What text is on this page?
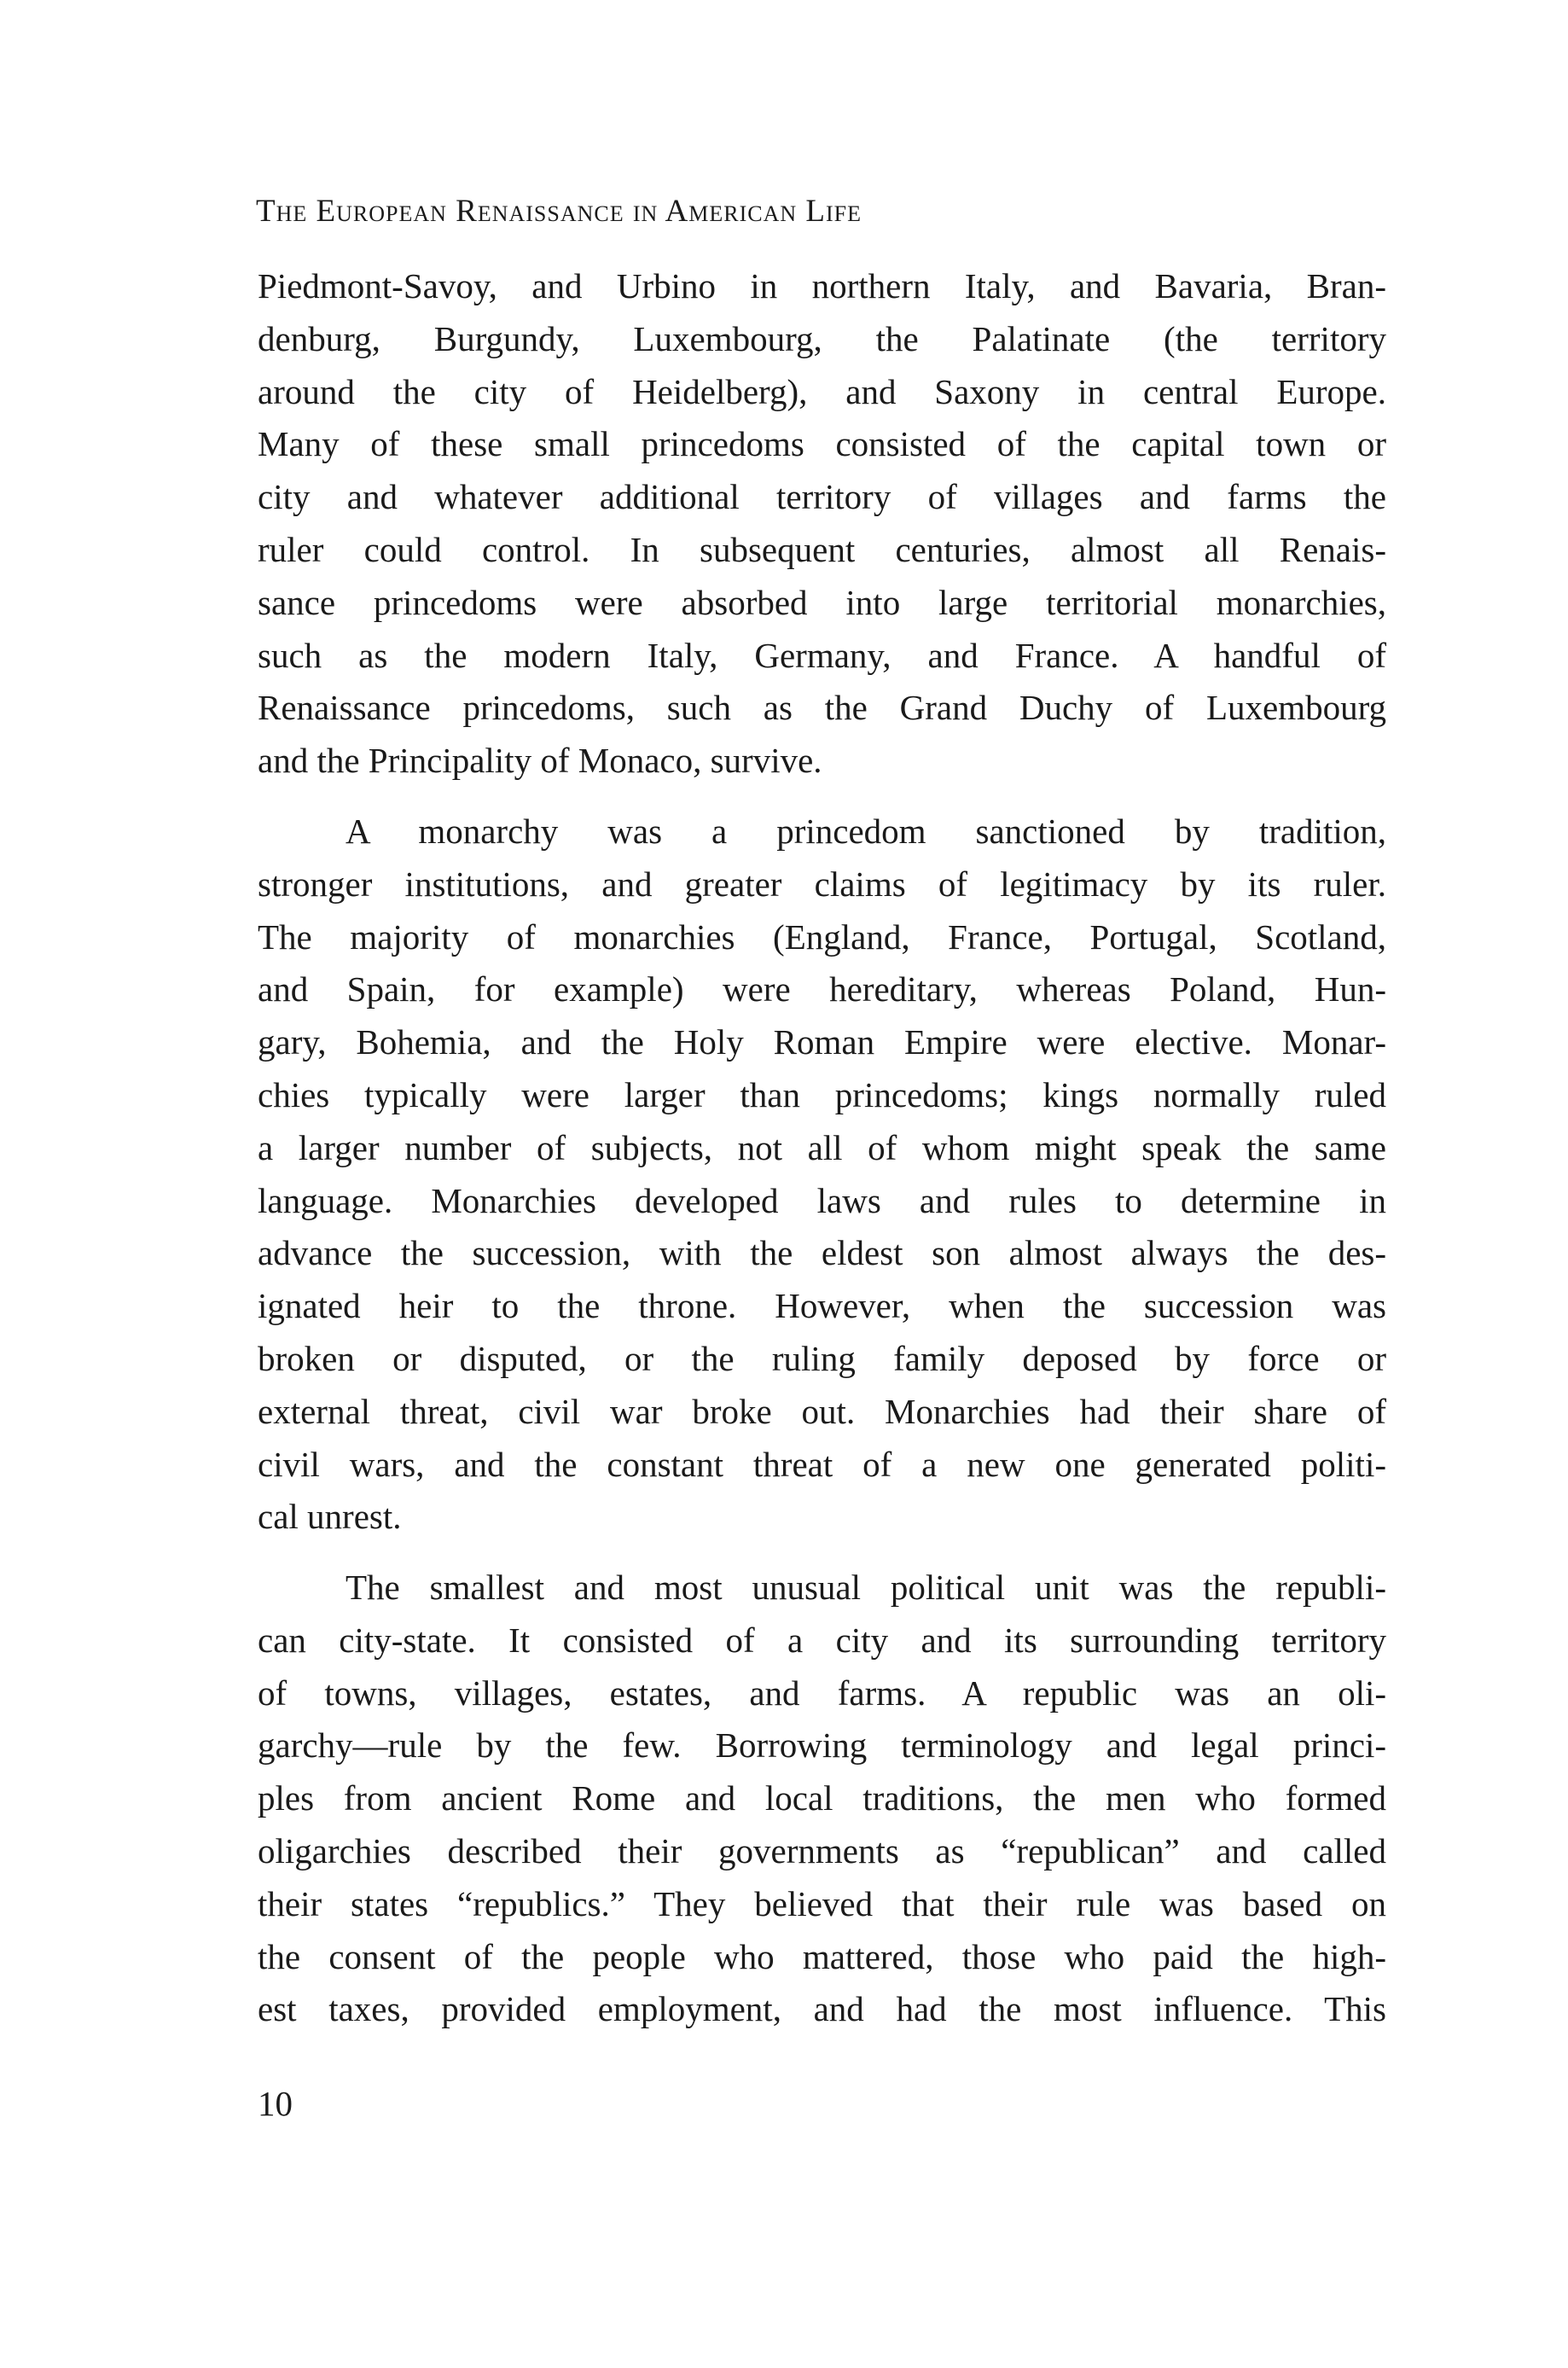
The European Renaissance in American Life
Piedmont-Savoy, and Urbino in northern Italy, and Bavaria, Bran-
denburg, Burgundy, Luxembourg, the Palatinate (the territory
around the city of Heidelberg), and Saxony in central Europe.
Many of these small princedoms consisted of the capital town or
city and whatever additional territory of villages and farms the
ruler could control. In subsequent centuries, almost all Renais-
sance princedoms were absorbed into large territorial monarchies,
such as the modern Italy, Germany, and France. A handful of
Renaissance princedoms, such as the Grand Duchy of Luxembourg
and the Principality of Monaco, survive.
A monarchy was a princedom sanctioned by tradition,
stronger institutions, and greater claims of legitimacy by its ruler.
The majority of monarchies (England, France, Portugal, Scotland,
and Spain, for example) were hereditary, whereas Poland, Hun-
gary, Bohemia, and the Holy Roman Empire were elective. Monar-
chies typically were larger than princedoms; kings normally ruled
a larger number of subjects, not all of whom might speak the same
language. Monarchies developed laws and rules to determine in
advance the succession, with the eldest son almost always the des-
ignated heir to the throne. However, when the succession was
broken or disputed, or the ruling family deposed by force or
external threat, civil war broke out. Monarchies had their share of
civil wars, and the constant threat of a new one generated politi-
cal unrest.
The smallest and most unusual political unit was the republi-
can city-state. It consisted of a city and its surrounding territory
of towns, villages, estates, and farms. A republic was an oli-
garchy—rule by the few. Borrowing terminology and legal princi-
ples from ancient Rome and local traditions, the men who formed
oligarchies described their governments as “republican” and called
their states “republics.” They believed that their rule was based on
the consent of the people who mattered, those who paid the high-
est taxes, provided employment, and had the most influence. This
10
